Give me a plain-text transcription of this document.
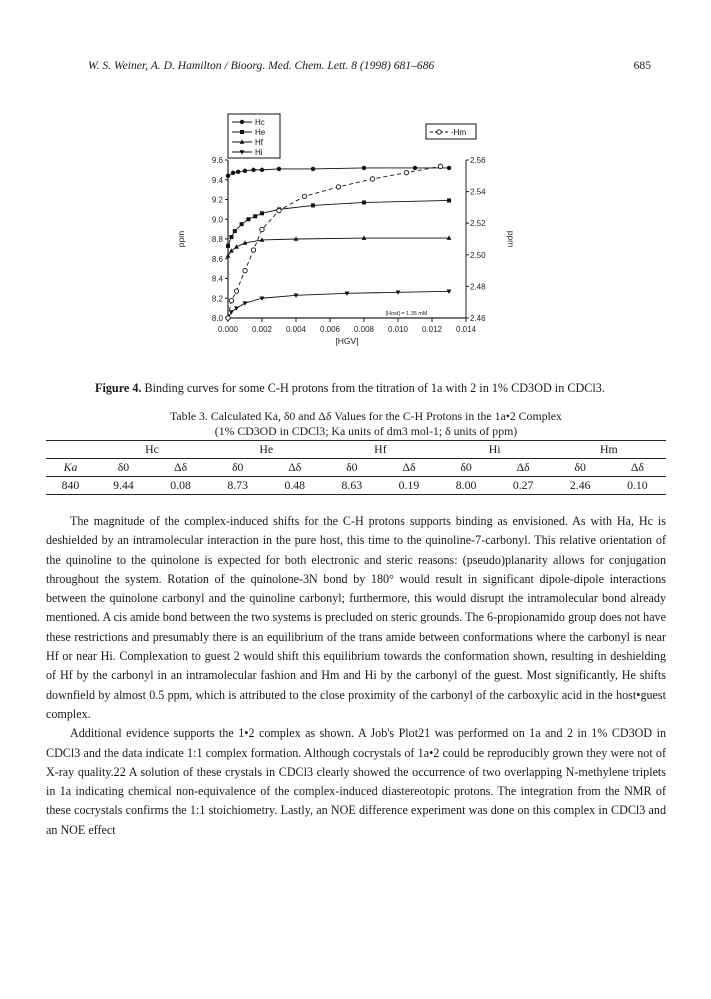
W. S. Weiner, A. D. Hamilton / Bioorg. Med. Chem. Lett. 8 (1998) 681–686	685
0.000 0.002 0.004 0.006 0.008 0.010 0.012 0.014
8.0
8.2
8.4
8.6
8.8
9.0
9.2
9.4
9.6
2.46
2.48
2.50
2.52
2.54
2.56
[HGV]
ppm	ppm
[Host] = 1.35 mM
Hc
He
Hf
Hi
-Hm
Figure 4. Binding curves for some C-H protons from the titration of 1a with 2 in 1% CD3OD in CDCl3.
Table 3. Calculated Ka, δ0 and Δδ Values for the C-H Protons in the 1a•2 Complex
(1% CD3OD in CDCl3; Ka units of dm3 mol-1; δ units of ppm)
	Hc		He		Hf		Hi		Hm	
Ka	δ0	Δδ	δ0	Δδ	δ0	Δδ	δ0	Δδ	δ0	Δδ
840	9.44	0.08	8.73	0.48	8.63	0.19	8.00	0.27	2.46	0.10

The magnitude of the complex-induced shifts for the C-H protons supports binding as envisioned. As with Ha, Hc is deshielded by an intramolecular interaction in the pure host, this time to the quinoline-7-carbonyl. This relative orientation of the quinoline to the quinolone is expected for both electronic and steric reasons: (pseudo)planarity allows for conjugation throughout the system. Rotation of the quinolone-3N bond by 180° would result in significant dipole-dipole interactions between the quinolone carbonyl and the quinoline carbonyl; furthermore, this would disrupt the intramolecular bond already mentioned. A cis amide bond between the two systems is precluded on steric grounds. The 6-propionamido group does not have these restrictions and presumably there is an equilibrium of the trans amide between conformations where the carbonyl is near Hf or near Hi. Complexation to guest 2 would shift this equilibrium towards the conformation shown, resulting in deshielding of Hf by the carbonyl in an intramolecular fashion and Hm and Hi by the carbonyl of the guest. Most significantly, He shifts downfield by almost 0.5 ppm, which is attributed to the close proximity of the carbonyl of the carboxylic acid in the host•guest complex.

Additional evidence supports the 1•2 complex as shown. A Job's Plot21 was performed on 1a and 2 in 1% CD3OD in CDCl3 and the data indicate 1:1 complex formation. Although cocrystals of 1a•2 could be reproducibly grown they were not of X-ray quality.22 A solution of these crystals in CDCl3 clearly showed the occurrence of two overlapping N-methylene triplets in 1a indicating chemical non-equivalence of the complex-induced diastereotopic protons. The integration from the NMR of these cocrystals confirms the 1:1 stoichiometry. Lastly, an NOE difference experiment was done on this complex in CDCl3 and an NOE effect
